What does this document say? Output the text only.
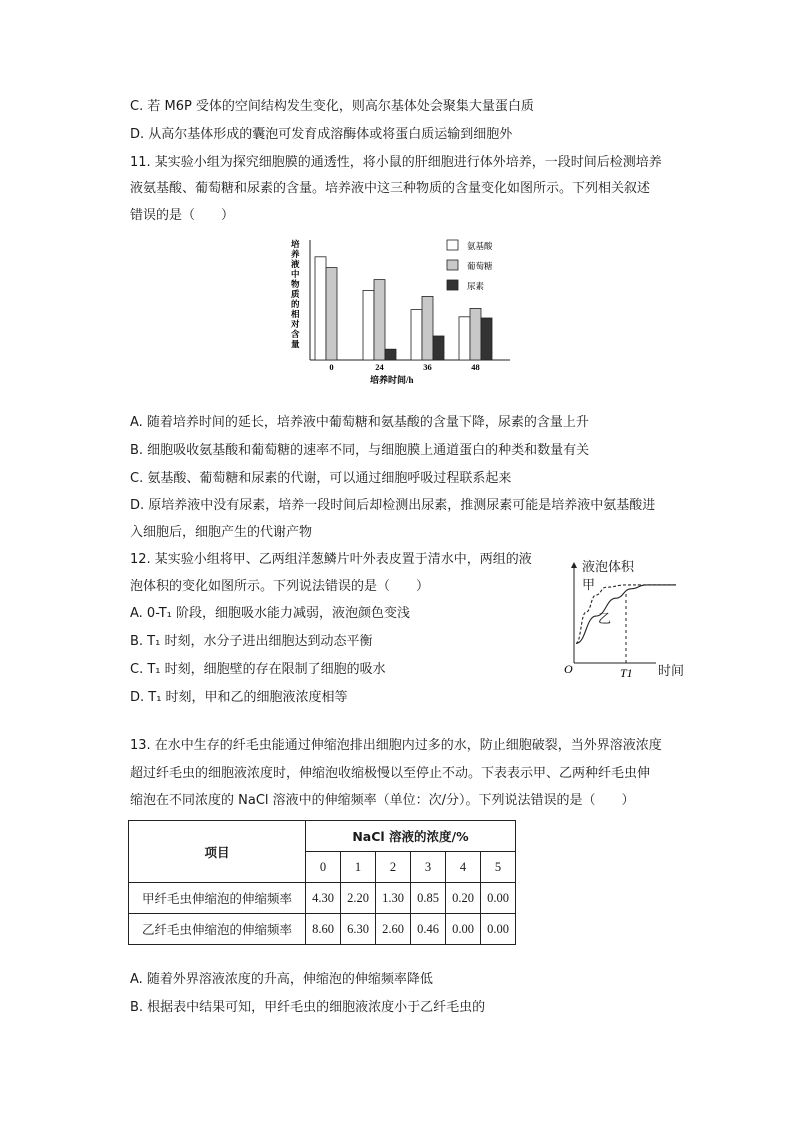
C. 若 M6P 受体的空间结构发生变化，则高尔基体处会聚集大量蛋白质
D. 从高尔基体形成的囊泡可发育成溶酶体或将蛋白质运输到细胞外
11. 某实验小组为探究细胞膜的通透性，将小鼠的肝细胞进行体外培养，一段时间后检测培养
液氨基酸、葡萄糖和尿素的含量。培养液中这三种物质的含量变化如图所示。下列相关叙述
错误的是（　　）
培
养
液
中
物
质
的
相
对
含
量
0	24	36	48
培养时间/h
氨基酸
葡萄糖
尿素
A. 随着培养时间的延长，培养液中葡萄糖和氨基酸的含量下降，尿素的含量上升
B. 细胞吸收氨基酸和葡萄糖的速率不同，与细胞膜上通道蛋白的种类和数量有关
C. 氨基酸、葡萄糖和尿素的代谢，可以通过细胞呼吸过程联系起来
D. 原培养液中没有尿素，培养一段时间后却检测出尿素，推测尿素可能是培养液中氨基酸进
入细胞后，细胞产生的代谢产物
12. 某实验小组将甲、乙两组洋葱鳞片叶外表皮置于清水中，两组的液
泡体积的变化如图所示。下列说法错误的是（　　）
A. 0-T₁ 阶段，细胞吸水能力减弱，液泡颜色变浅
B. T₁ 时刻，水分子进出细胞达到动态平衡
C. T₁ 时刻，细胞壁的存在限制了细胞的吸水
D. T₁ 时刻，甲和乙的细胞液浓度相等
液泡体积
甲
乙
O	T1 时间
13. 在水中生存的纤毛虫能通过伸缩泡排出细胞内过多的水，防止细胞破裂，当外界溶液浓度
超过纤毛虫的细胞液浓度时，伸缩泡收缩极慢以至停止不动。下表表示甲、乙两种纤毛虫伸
缩泡在不同浓度的 NaCl 溶液中的伸缩频率（单位：次/分）。下列说法错误的是（　　）
项目	NaCl 溶液的浓度/%					
	0	1	2	3	4	5
甲纤毛虫伸缩泡的伸缩频率	4.30	2.20	1.30	0.85	0.20	0.00
乙纤毛虫伸缩泡的伸缩频率	8.60	6.30	2.60	0.46	0.00	0.00
A. 随着外界溶液浓度的升高，伸缩泡的伸缩频率降低
B. 根据表中结果可知，甲纤毛虫的细胞液浓度小于乙纤毛虫的
